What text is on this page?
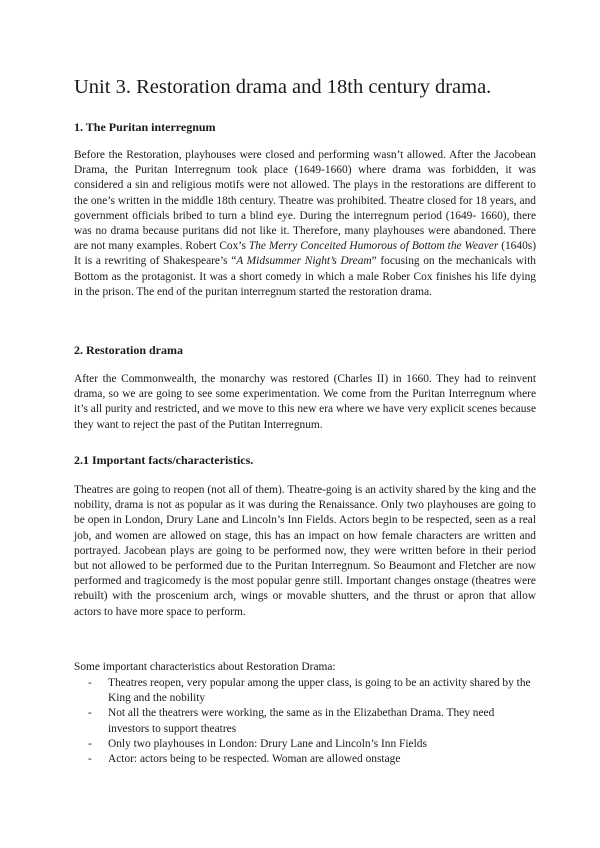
Unit 3. Restoration drama and 18th century drama.
1. The Puritan interregnum

Before the Restoration, playhouses were closed and performing wasn’t allowed. After the Jacobean Drama, the Puritan Interregnum took place (1649-1660) where drama was forbidden, it was considered a sin and religious motifs were not allowed. The plays in the restorations are different to the one’s written in the middle 18th century. Theatre was prohibited. Theatre closed for 18 years, and government officials bribed to turn a blind eye. During the interregnum period (1649- 1660), there was no drama because puritans did not like it. Therefore, many playhouses were abandoned. There are not many examples. Robert Cox’s The Merry Conceited Humorous of Bottom the Weaver (1640s) It is a rewriting of Shakespeare’s “A Midsummer Night’s Dream” focusing on the mechanicals with Bottom as the protagonist. It was a short comedy in which a male Rober Cox finishes his life dying in the prison. The end of the puritan interregnum started the restoration drama.

2. Restoration drama

After the Commonwealth, the monarchy was restored (Charles II) in 1660. They had to reinvent drama, so we are going to see some experimentation. We come from the Puritan Interregnum where it’s all purity and restricted, and we move to this new era where we have very explicit scenes because they want to reject the past of the Putitan Interregnum.

2.1 Important facts/characteristics.

Theatres are going to reopen (not all of them). Theatre-going is an activity shared by the king and the nobility, drama is not as popular as it was during the Renaissance. Only two playhouses are going to be open in London, Drury Lane and Lincoln’s Inn Fields. Actors begin to be respected, seen as a real job, and women are allowed on stage, this has an impact on how female characters are written and portrayed. Jacobean plays are going to be performed now, they were written before in their period but not allowed to be performed due to the Puritan Interregnum. So Beaumont and Fletcher are now performed and tragicomedy is the most popular genre still. Important changes onstage (theatres were rebuilt) with the proscenium arch, wings or movable shutters, and the thrust or apron that allow actors to have more space to perform.

Some important characteristics about Restoration Drama:
- Theatres reopen, very popular among the upper class, is going to be an activity shared by the King and the nobility
- Not all the theatrers were working, the same as in the Elizabethan Drama. They need investors to support theatres
- Only two playhouses in London: Drury Lane and Lincoln’s Inn Fields
- Actor: actors being to be respected. Woman are allowed onstage
